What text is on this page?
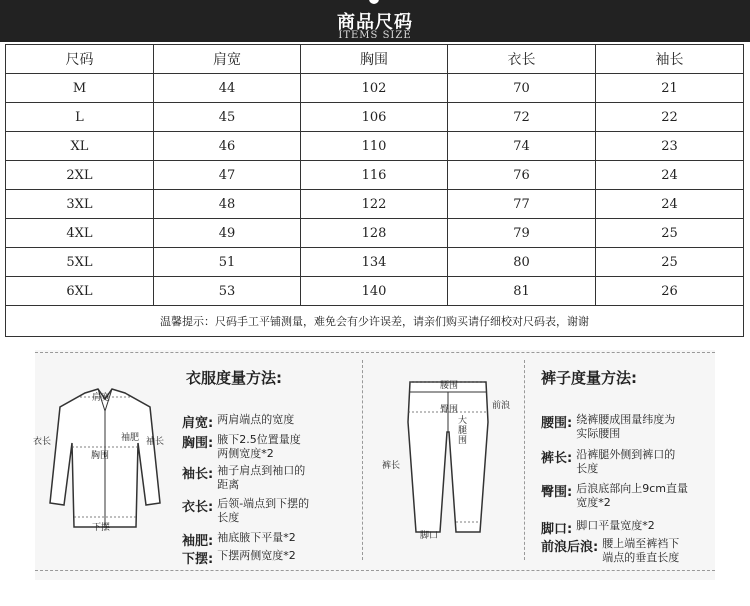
商品尺码
ITEMS SIZE
尺码	肩宽	胸围	衣长	袖长
M	44	102	70	21
L	45	106	72	22
XL	46	110	74	23
2XL	47	116	76	24
3XL	48	122	77	24
4XL	49	128	79	25
5XL	51	134	80	25
6XL	53	140	81	26
温馨提示：尺码手工平铺测量，难免会有少许误差，请亲们购买请仔细校对尺码表，谢谢				
肩宽
袖肥
胸围
衣长	袖长
下摆
衣服度量方法:
肩宽: 两肩端点的宽度
胸围: 腋下2.5位置量度
两侧宽度*2
袖长: 袖子肩点到袖口的
距离
衣长: 后领-端点到下摆的
长度
袖肥: 袖底腋下平量*2
下摆: 下摆两侧宽度*2
腰围
臀围	前浪
裤长
大腿围
脚口
裤子度量方法:
腰围: 绕裤腰成围量纬度为
实际腰围
裤长: 沿裤腿外侧到裤口的
长度
臀围: 后浪底部向上9cm直量
宽度*2
脚口: 脚口平量宽度*2
前浪后浪: 腰上端至裤裆下
端点的垂直长度
